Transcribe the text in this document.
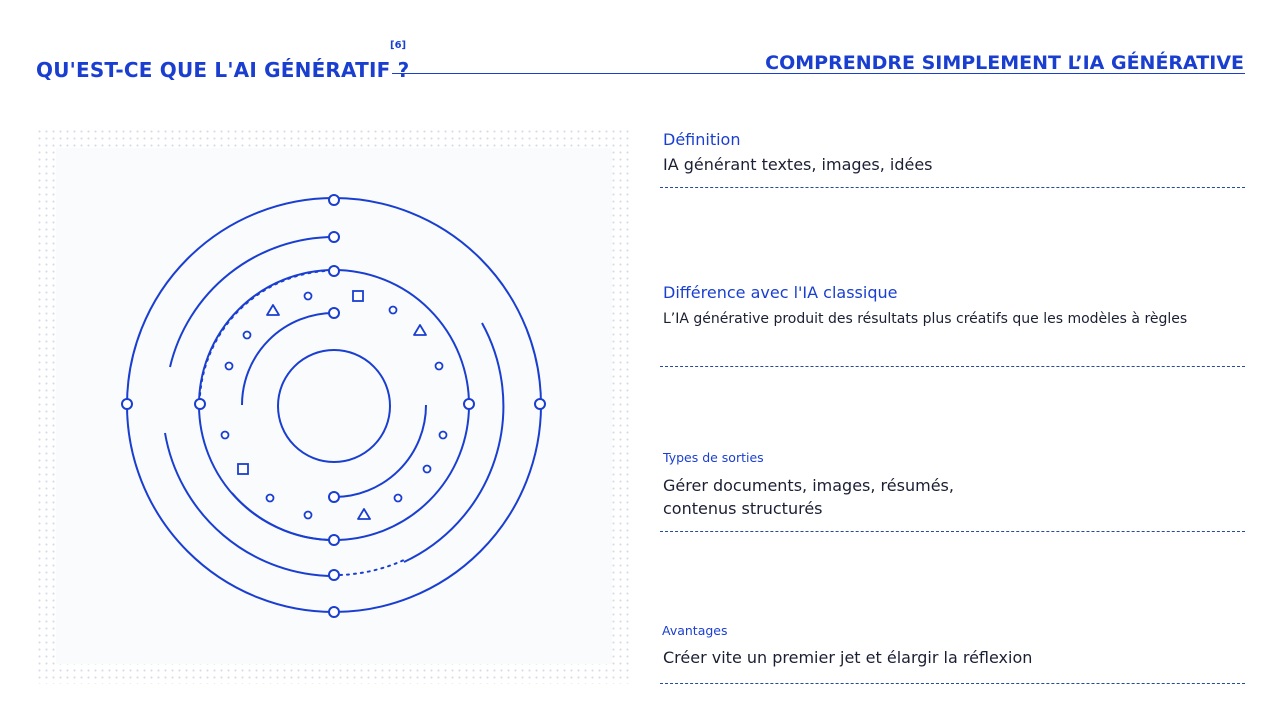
QU'EST-CE QUE L'AI GÉNÉRATIF ?
[6]
COMPRENDRE SIMPLEMENT L’IA GÉNÉRATIVE
Définition
IA générant textes, images, idées
Différence avec l'IA classique
L’IA générative produit des résultats plus créatifs que les modèles à règles
Types de sorties
Gérer documents, images, résumés,
contenus structurés
Avantages
Créer vite un premier jet et élargir la réflexion
